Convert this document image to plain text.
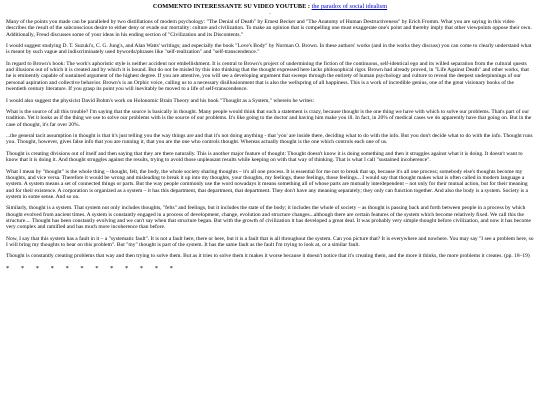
COMMENTO INTERESSANTE SU VIDEO YOUTUBE : the paradox of social idealism

.

Many of the points you made can be paralleled by two distillations of modern psychology: "The Denial of Death" by Ernest Becker and "The Anatomy of Human Destructiveness" by Erich Fromm. What you are saying in this video describes the result of the subconscious desire to either deny or evade our mortality: culture and civilization. To make an opinion that is compelling one must exaggerate one's point and thereby imply that other viewpoints oppose their own. Additionally, Freud discusses some of your ideas in his ending section of "Civilization and its Discontents."

I would suggest studying D. T. Suzuki's, C. G. Jung's, and Alan Watts' writings; and especially the book "Love's Body" by Norman O. Brown. In these authors' works (and in the works they discuss) you can come to clearly understand what is meant by such vague and indiscriminately used bywords/phrases like "self-realization" and "self-transcendence."

In regard to Brown's book: The work's aphoristic style is neither accident nor embellishment. It is central to Brown's project of undermining the fiction of the continuous, self-identical ego and its willed separation from the cultural quests and illusions out of which it is created and by which it is bound. But do not be misled by this into thinking that the thought expressed here lacks philosophical rigor. Brown had already proved, in "Life Against Death" and other works, that he is eminently capable of sustained argument of the highest degree. If you are attentive, you will see a developing argument that sweeps through the entirety of human psychology and culture to reveal the deepest underpinnings of our personal aspiration and collective behavior. Brown's is an Orphic voice, calling us to a necessary disillusionment that is also the wellspring of all happiness. This is a work of incredible genius, one of the great visionary books of the twentieth century literature. If you grasp its point you will inevitably be moved to a life of self-transcendence.

I would also suggest the physicist David Bohm's work on Holonomic Brain Theory and his book "Thought as a System," wherein he writes:

What is the source of all this trouble? I'm saying that the source is basically in thought. Many people would think that such a statement is crazy, because thought is the one thing we have with which to solve our problems. That's part of our tradition. Yet it looks as if the thing we use to solve our problems with is the source of our problems. It's like going to the doctor and having him make you ill. In fact, in 20% of medical cases we do apparently have that going on. But in the case of thought, it's far over 20%.

...the general tacit assumption in thought is that it's just telling you the way things are and that it's not doing anything - that 'you' are inside there, deciding what to do with the info. But you don't decide what to do with the info. Thought runs you. Thought, however, gives false info that you are running it, that you are the one who controls thought. Whereas actually thought is the one which controls each one of us.

Thought is creating divisions out of itself and then saying that they are there naturally. This is another major feature of thought: Thought doesn't know it is doing something and then it struggles against what it is doing. It doesn't want to know that it is doing it. And thought struggles against the results, trying to avoid those unpleasant results while keeping on with that way of thinking. That is what I call "sustained incoherence".

What I mean by "thought" is the whole thing – thought, felt, the body, the whole society sharing thoughts – it's all one process. It is essential for me not to break that up, because it's all one process; somebody else's thoughts become my thoughts, and vice versa. Therefore it would be wrong and misleading to break it up into my thoughts, your thoughts, my feelings, these feelings, those feelings... I would say that thought makes what is often called in modern language a system. A system means a set of connected things or parts. But the way people commonly use the word nowadays it means something all of whose parts are mutually interdependent – not only for their mutual action, but for their meaning and for their existence. A corporation is organized as a system – it has this department, that department, that department. They don't have any meaning separately; they only can function together. And also the body is a system. Society is a system in some sense. And so on.

Similarly, thought is a system. That system not only includes thoughts, "felts" and feelings, but it includes the state of the body; it includes the whole of society – as thought is passing back and forth between people in a process by which thought evolved from ancient times. A system is constantly engaged in a process of development, change, evolution and structure changes...although there are certain features of the system which become relatively fixed. We call this the structure.... Thought has been constantly evolving and we can't say when that structure began. But with the growth of civilization it has developed a great deal. It was probably very simple thought before civilization, and now it has become very complex and ramified and has much more incoherence than before.

Now, I say that this system has a fault in it – a "systematic fault". It is not a fault here, there or here, but it is a fault that is all throughout the system. Can you picture that? It is everywhere and nowhere. You may say "I see a problem here, so I will bring my thoughts to bear on this problem". But "my" thought is part of the system. It has the same fault as the fault I'm trying to look at, or a similar fault.

Thought is constantly creating problems that way and then trying to solve them. But as it tries to solve them it makes it worse because it doesn't notice that it's creating them, and the more it thinks, the more problems it creates. (pp. 18–19)

* * * * * * * * * * * *
